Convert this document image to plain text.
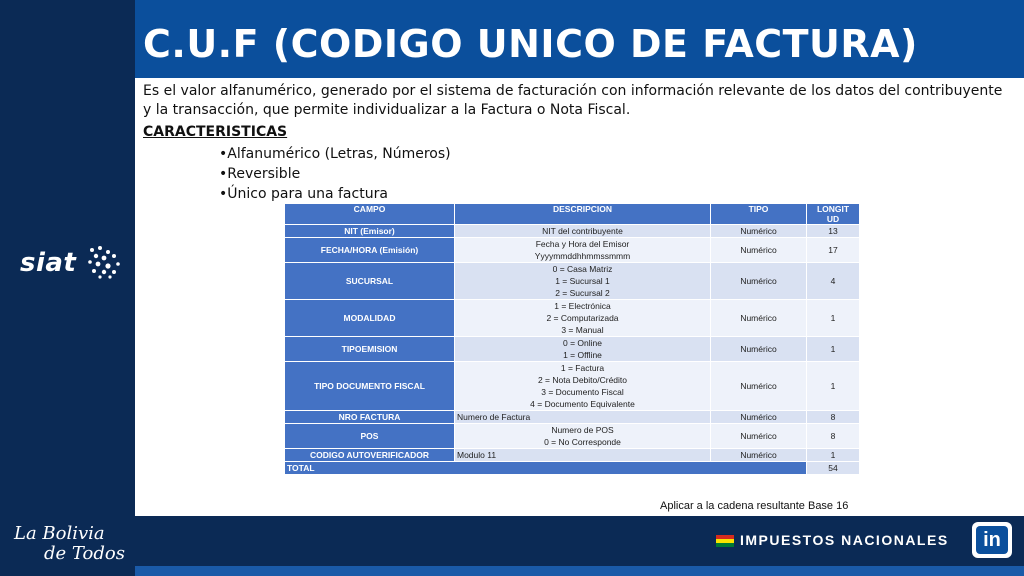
siat
C.U.F (CODIGO UNICO DE FACTURA)
Es el valor alfanumérico, generado por el sistema de facturación con información relevante de los datos del contribuyente y la transacción, que permite individualizar a la Factura o Nota Fiscal.
CARACTERISTICAS
•Alfanumérico (Letras, Números)
•Reversible
•Único para una factura
CAMPO	DESCRIPCION	TIPO	LONGIT
UD
NIT (Emisor)	NIT del contribuyente	Numérico	13
FECHA/HORA (Emisión)	Fecha y Hora del Emisor
Yyyymmddhhmmssmmm	Numérico	17
SUCURSAL	0 = Casa Matriz
1 = Sucursal 1
2 = Sucursal 2	Numérico	4
MODALIDAD	1 = Electrónica
2 = Computarizada
3 = Manual	Numérico	1
TIPOEMISION	0 = Online
1 = Offline	Numérico	1
TIPO DOCUMENTO FISCAL	1 = Factura
2 = Nota Debito/Crédito
3 = Documento Fiscal
4 = Documento Equivalente	Numérico	1
NRO FACTURA	Numero de Factura	Numérico	8
POS	Numero de POS
0 = No Corresponde	Numérico	8
CODIGO AUTOVERIFICADOR	Modulo 11	Numérico	1
TOTAL			54
Aplicar a la cadena resultante Base 16
La Bolivia
de Todos
IMPUESTOS NACIONALES	in
